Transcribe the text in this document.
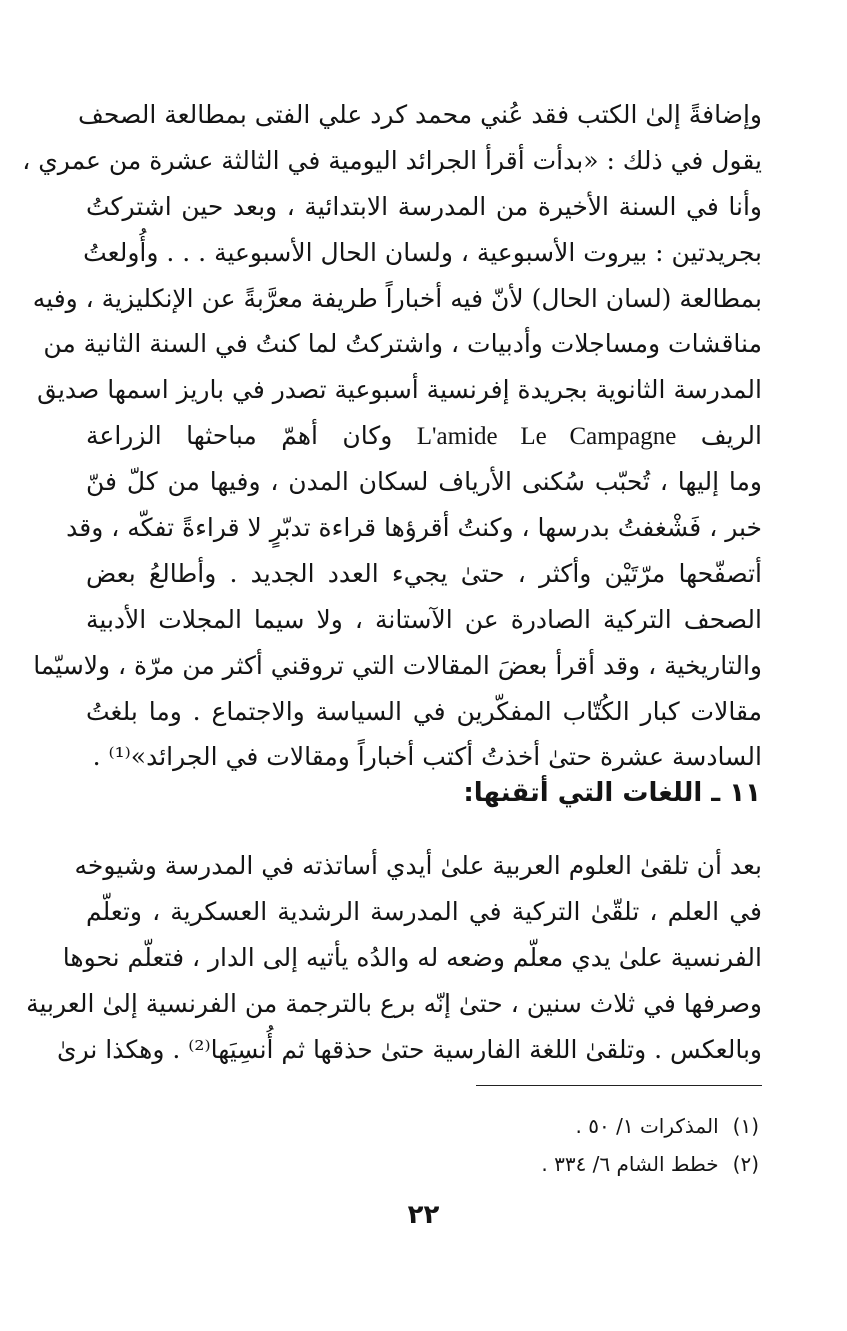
وإضافةً إلىٰ الكتب فقد عُني محمد كرد علي الفتى بمطالعة الصحف
يقول في ذلك : «بدأت أقرأ الجرائد اليومية في الثالثة عشرة من عمري ،
وأنا في السنة الأخيرة من المدرسة الابتدائية ، وبعد حين اشتركتُ
بجريدتين : بيروت الأسبوعية ، ولسان الحال الأسبوعية . . . وأُولعتُ
بمطالعة (لسان الحال) لأنّ فيه أخباراً طريفة معرَّبةً عن الإنكليزية ، وفيه
مناقشات ومساجلات وأدبيات ، واشتركتُ لما كنتُ في السنة الثانية من
المدرسة الثانوية بجريدة إفرنسية أسبوعية تصدر في باريز اسمها صديق
الريف L'amide Le Campagne وكان أهمّ مباحثها الزراعة
وما إليها ، تُحبّب سُكنى الأرياف لسكان المدن ، وفيها من كلّ فنّ
خبر ، فَشْغفتُ بدرسها ، وكنتُ أقرؤها قراءة تدبّرٍ لا قراءةً تفكّه ، وقد
أتصفّحها مرّتَيْن وأكثر ، حتىٰ يجيء العدد الجديد . وأطالعُ بعض
الصحف التركية الصادرة عن الآستانة ، ولا سيما المجلات الأدبية
والتاريخية ، وقد أقرأ بعضَ المقالات التي تروقني أكثر من مرّة ، ولاسيّما
مقالات كبار الكُتّاب المفكّرين في السياسة والاجتماع . وما بلغتُ
السادسة عشرة حتىٰ أخذتُ أكتب أخباراً ومقالات في الجرائد»⁽¹⁾ .
١١ ـ اللغات التي أتقنها:
بعد أن تلقىٰ العلوم العربية علىٰ أيدي أساتذته في المدرسة وشيوخه
في العلم ، تلقّىٰ التركية في المدرسة الرشدية العسكرية ، وتعلّم
الفرنسية علىٰ يدي معلّم وضعه له والدُه يأتيه إلى الدار ، فتعلّم نحوها
وصرفها في ثلاث سنين ، حتىٰ إنّه برع بالترجمة من الفرنسية إلىٰ العربية
وبالعكس . وتلقىٰ اللغة الفارسية حتىٰ حذقها ثم أُنسِيَها⁽²⁾ . وهكذا نرىٰ
(١)المذكرات ١/ ٥٠ .
(٢)خطط الشام ٦/ ٣٣٤ .
٢٢
